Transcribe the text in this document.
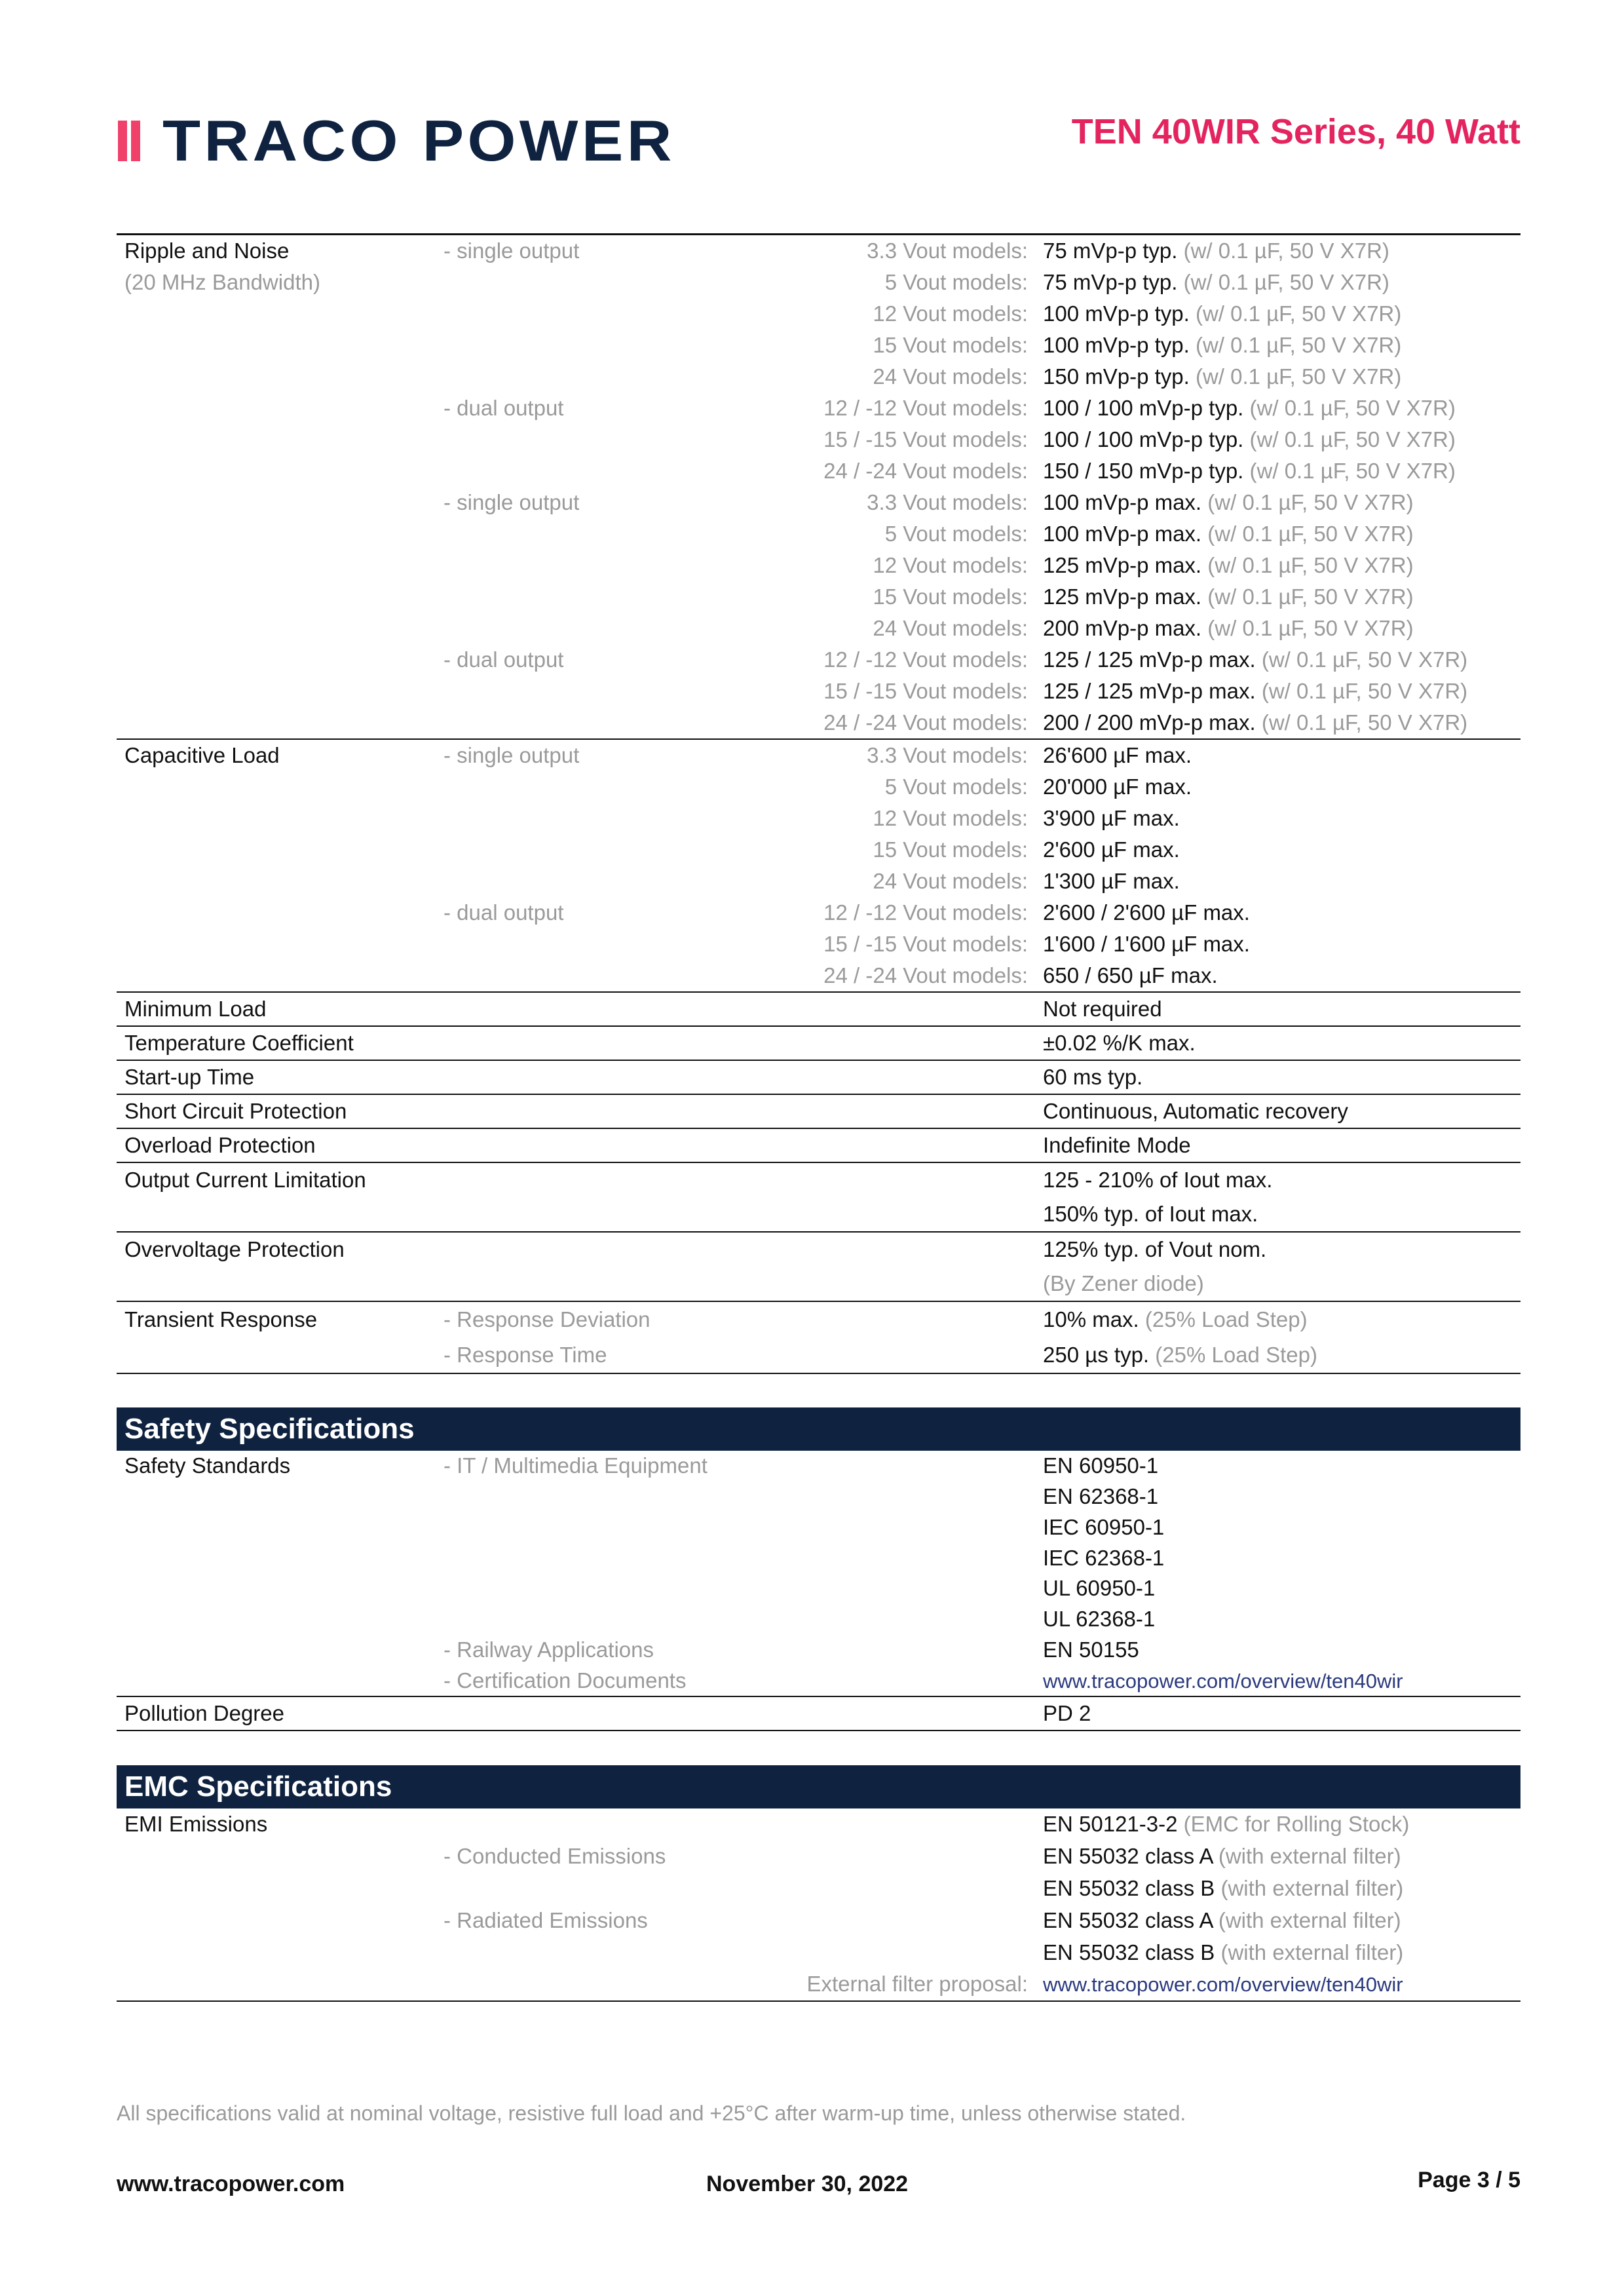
TRACO POWER	TEN 40WIR Series, 40 Watt
Ripple and Noise	- single output	3.3 Vout models: 75 mVp-p typ. (w/ 0.1 µF, 50 V X7R)
(20 MHz Bandwidth)	5 Vout models: 75 mVp-p typ. (w/ 0.1 µF, 50 V X7R)
12 Vout models: 100 mVp-p typ. (w/ 0.1 µF, 50 V X7R)
15 Vout models: 100 mVp-p typ. (w/ 0.1 µF, 50 V X7R)
24 Vout models: 150 mVp-p typ. (w/ 0.1 µF, 50 V X7R)
- dual output	12 / -12 Vout models: 100 / 100 mVp-p typ. (w/ 0.1 µF, 50 V X7R)
15 / -15 Vout models: 100 / 100 mVp-p typ. (w/ 0.1 µF, 50 V X7R)
24 / -24 Vout models: 150 / 150 mVp-p typ. (w/ 0.1 µF, 50 V X7R)
- single output	3.3 Vout models: 100 mVp-p max. (w/ 0.1 µF, 50 V X7R)
5 Vout models: 100 mVp-p max. (w/ 0.1 µF, 50 V X7R)
12 Vout models: 125 mVp-p max. (w/ 0.1 µF, 50 V X7R)
15 Vout models: 125 mVp-p max. (w/ 0.1 µF, 50 V X7R)
24 Vout models: 200 mVp-p max. (w/ 0.1 µF, 50 V X7R)
- dual output	12 / -12 Vout models: 125 / 125 mVp-p max. (w/ 0.1 µF, 50 V X7R)
15 / -15 Vout models: 125 / 125 mVp-p max. (w/ 0.1 µF, 50 V X7R)
24 / -24 Vout models: 200 / 200 mVp-p max. (w/ 0.1 µF, 50 V X7R)
Capacitive Load	- single output	3.3 Vout models: 26'600 µF max.
5 Vout models: 20'000 µF max.
12 Vout models: 3'900 µF max.
15 Vout models: 2'600 µF max.
24 Vout models: 1'300 µF max.
- dual output	12 / -12 Vout models: 2'600 / 2'600 µF max.
15 / -15 Vout models: 1'600 / 1'600 µF max.
24 / -24 Vout models: 650 / 650 µF max.
Minimum Load	Not required
Temperature Coefficient	±0.02 %/K max.
Start-up Time	60 ms typ.
Short Circuit Protection	Continuous, Automatic recovery
Overload Protection	Indefinite Mode
Output Current Limitation	125 - 210% of Iout max.
150% typ. of Iout max.
Overvoltage Protection	125% typ. of Vout nom.
(By Zener diode)
Transient Response	- Response Deviation	10% max. (25% Load Step)
- Response Time	250 µs typ. (25% Load Step)
Safety Specifications
Safety Standards	- IT / Multimedia Equipment	EN 60950-1
EN 62368-1
IEC 60950-1
IEC 62368-1
UL 60950-1
UL 62368-1
- Railway Applications	EN 50155
- Certification Documents	www.tracopower.com/overview/ten40wir
Pollution Degree	PD 2
EMC Specifications
EMI Emissions	EN 50121-3-2 (EMC for Rolling Stock)
- Conducted Emissions	EN 55032 class A (with external filter)
EN 55032 class B (with external filter)
- Radiated Emissions	EN 55032 class A (with external filter)
EN 55032 class B (with external filter)
External filter proposal: www.tracopower.com/overview/ten40wir
All specifications valid at nominal voltage, resistive full load and +25°C after warm-up time, unless otherwise stated.
www.tracopower.com	November 30, 2022	Page 3 / 5
